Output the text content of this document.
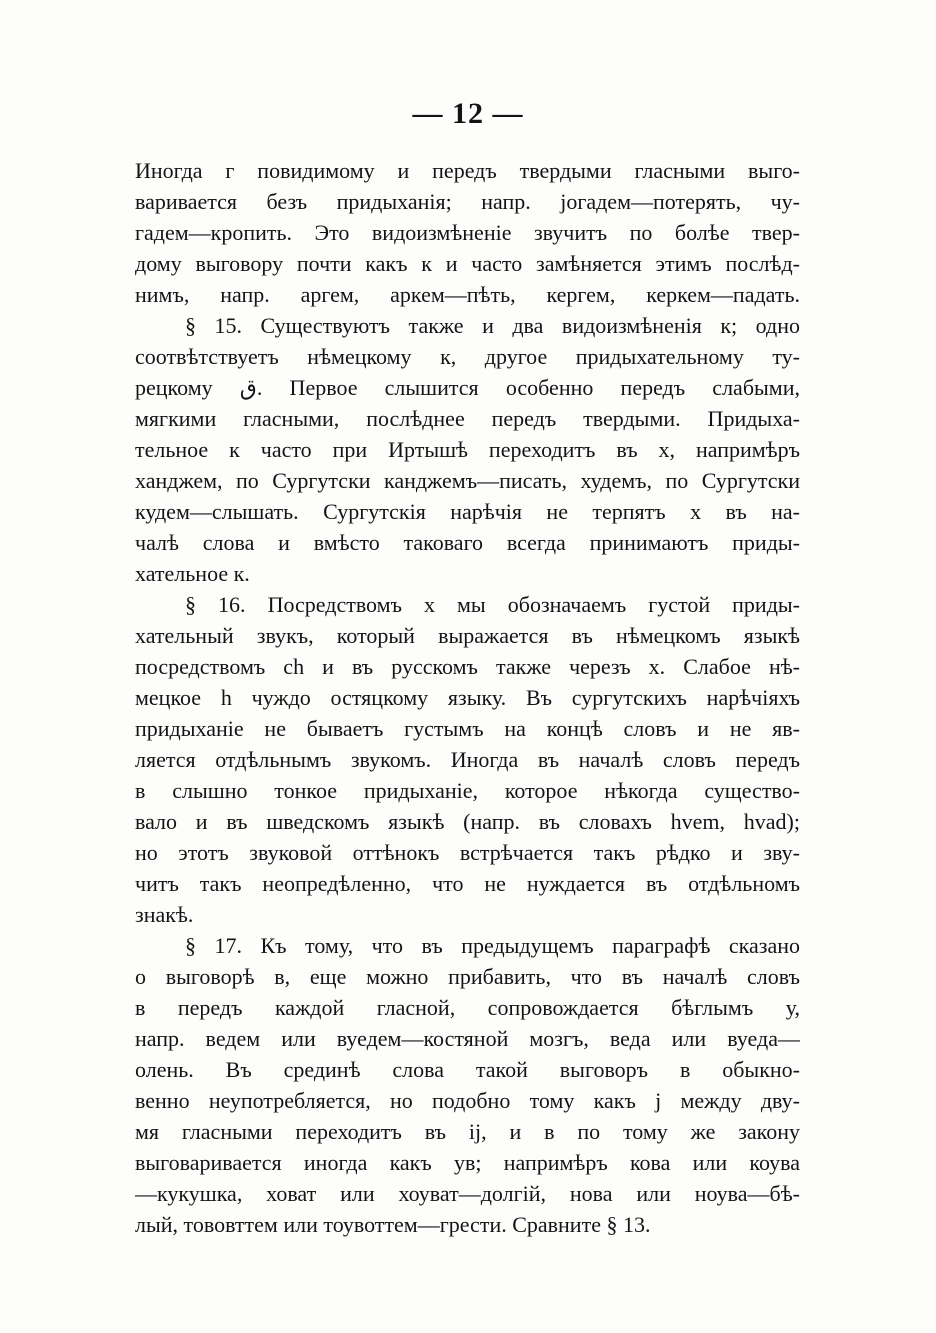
— 12 —
Иногда г повидимому и передъ твердыми гласными выго-
варивается безъ придыханія; напр. jогадем—потерять, чу-
гадем—кропить. Это видоизмѣненіе звучитъ по болѣе твер-
дому выговору почти какъ к и часто замѣняется этимъ послѣд-
нимъ, напр. аргем, аркем—пѣть, кергем, керкем—падать.
§ 15. Существуютъ также и два видоизмѣненія к; одно
соотвѣтствуетъ нѣмецкому к, другое придыхательному ту-
рецкому ق. Первое слышится особенно передъ слабыми,
мягкими гласными, послѣднее передъ твердыми. Придыха-
тельное к часто при Иртышѣ переходитъ въ х, напримѣръ
ханджем, по Сургутски канджемъ—писать, худемъ, по Сургутски
кудем—слышать. Сургутскія нарѣчія не терпятъ х въ на-
чалѣ слова и вмѣсто таковаго всегда принимаютъ приды-
хательное к.
§ 16. Посредствомъ х мы обозначаемъ густой приды-
хательный звукъ, который выражается въ нѣмецкомъ языкѣ
посредствомъ ch и въ русскомъ также черезъ х. Слабое нѣ-
мецкое h чуждо остяцкому языку. Въ сургутскихъ нарѣчіяхъ
придыханіе не бываетъ густымъ на концѣ словъ и не яв-
ляется отдѣльнымъ звукомъ. Иногда въ началѣ словъ передъ
в слышно тонкое придыханіе, которое нѣкогда существо-
вало и въ шведскомъ языкѣ (напр. въ словахъ hvem, hvad);
но этотъ звуковой оттѣнокъ встрѣчается такъ рѣдко и зву-
читъ такъ неопредѣленно, что не нуждается въ отдѣльномъ
знакѣ.
§ 17. Къ тому, что въ предыдущемъ параграфѣ сказано
о выговорѣ в, еще можно прибавить, что въ началѣ словъ
в передъ каждой гласной, сопровождается бѣглымъ у,
напр. ведем или вуедем—костяной мозгъ, веда или вуеда—
олень. Въ срединѣ слова такой выговоръ в обыкно-
венно неупотребляется, но подобно тому какъ j между дву-
мя гласными переходитъ въ ij, и в по тому же закону
выговаривается иногда какъ ув; напримѣръ кова или коува
—кукушка, ховат или хоуват—долгій, нова или ноува—бѣ-
лый, тововттем или тоувоттем—грести. Сравните § 13.
